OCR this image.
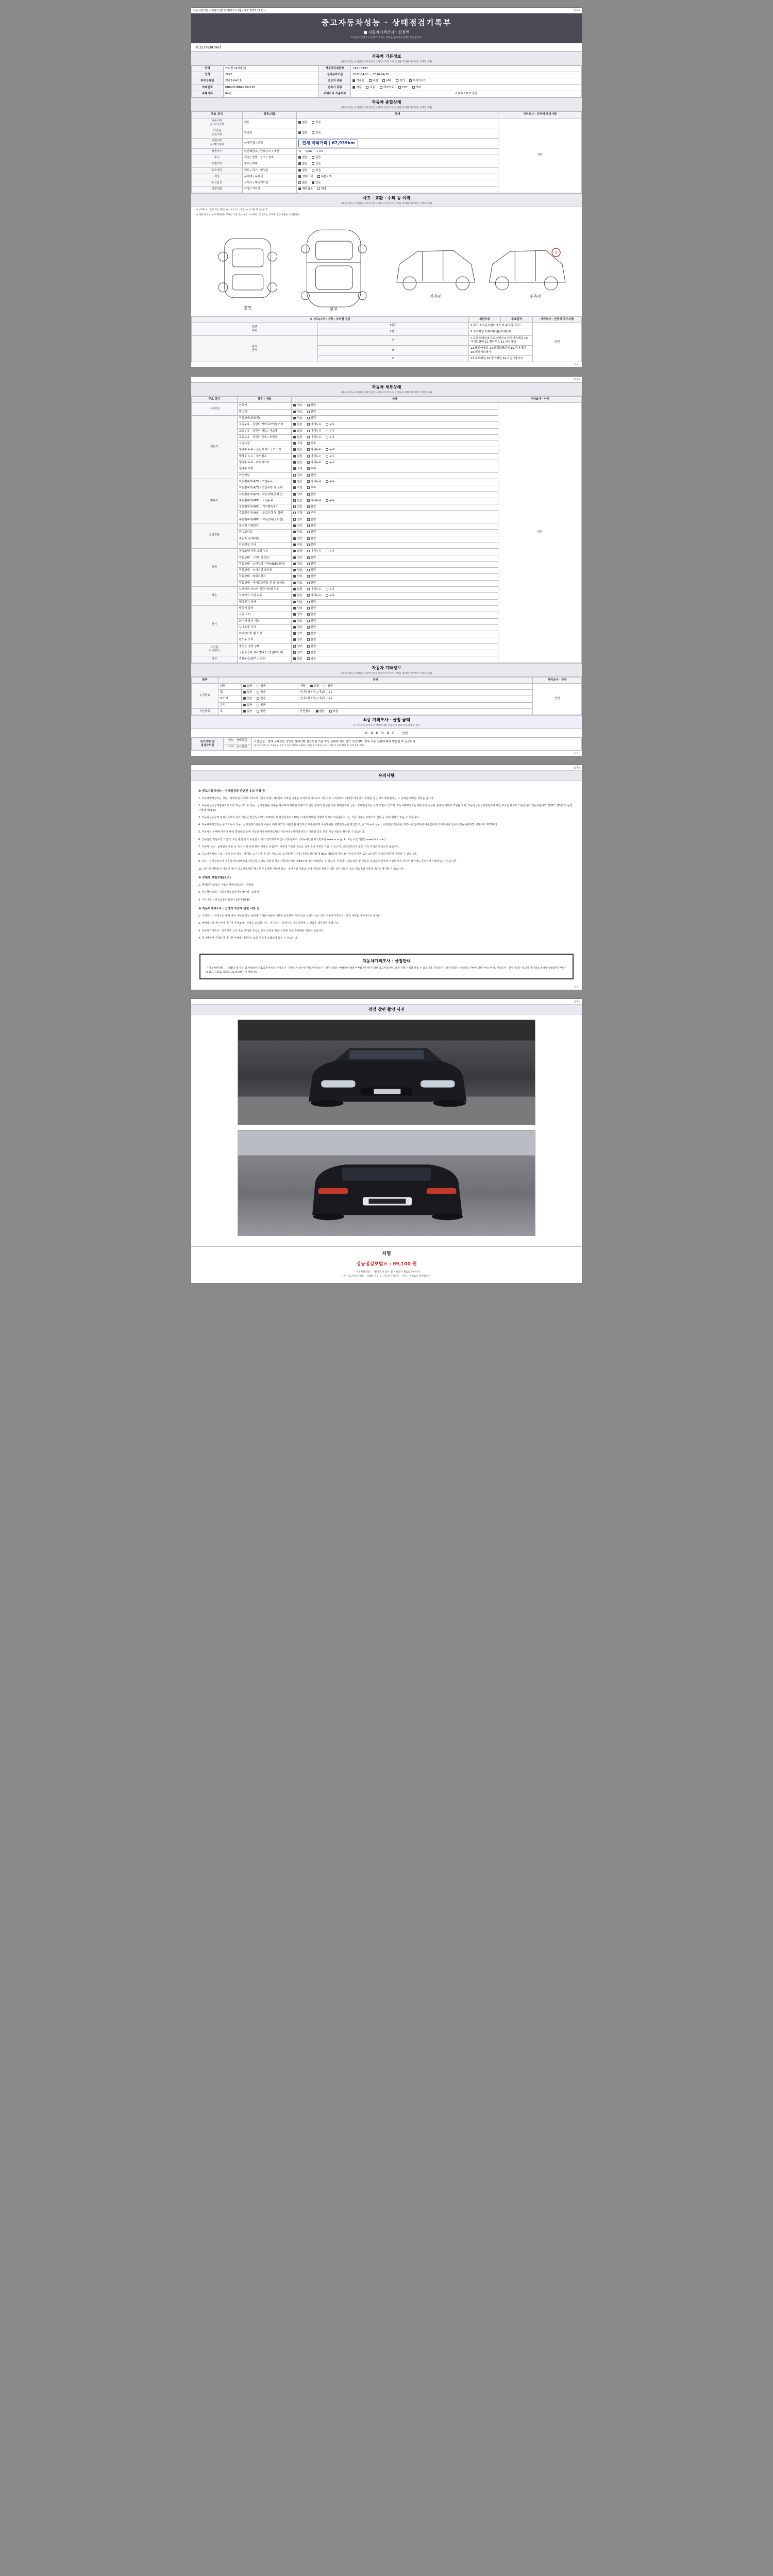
자동차관리법 시행규칙 [별지 제82호서식] <개정 2021.11.9.>	(3쪽)
중고자동차성능 · 상태점검기록부
■ 자동차가격조사 · 산정액
이 자동차가격조사·산정액 부분은 매매용 중고자동차에만 해당합니다.
제 2527538799호
자동차 기본정보
(자동차성능·상태점검자 확인사항 / 자동차가격조사·산정을 의뢰한 경우에만 기재합니다)
차명	카니발 (4세대급)	자동차등록번호	315서3290
연식	2022	검사유효기간	2022-04-11 ~ 2026-04-10
최초등록일	2022-04-11	연료의 종류	가솔린 디젤 LPG 전기 하이브리드
차대번호	KNMC01BBA5192238	변속기 종류	자동 수동 세미오토 CVT 기타
주행거리	04천	주행거리 기준여부	0 0 0 0 0 0 안내
자동차 종합상태
(자동차성능·상태점검자 확인사항 / 자동차가격조사·산정을 의뢰한 경우에만 기재합니다)
주요 장치	항목/내용	상태	가격조사 · 산정액 특기사항
사용이력
및 특기사항	렌트	없음 있음	안전
저당권
등록여부	영업용	없음 있음	
주행거리
및 계기상태	실제주행 / 변경	현재 미래거리 | 67,939km	
배출가스	일산화탄소 / 탄화수소 / 매연	% ppm 1.0%	
튜닝	적법 / 불법 · 구조 / 장치	없음 있음	
특별이력	침수 / 화재	없음 있음	
용도변경	렌트 / 리스 / 영업용	없음 있음	
색상	무채색 / 유채색	전체도색 부분도색	
주요옵션	선루프 / 내비게이션	없음 있음	
리콜대상	이행 / 미이행	해당없음 해당	
사고 · 교환 · 수리 등 이력
(자동차성능·상태점검자 확인사항 / 자동차가격조사·산정을 의뢰한 경우에만 기재합니다)
※ (교체) X, (판금 또는 용접) W, (부식) C, (흠집) A, (요철) U, (손상) T
※ 하단 달지부 등에 해당하는 부위는 교환 또는 판금 표기하며, 각 번호는 부위별 점검 내용을 표시합니다.
X
앞면	윗면
좌측면	우측면
※ 사고(수리) 이력 / 부위별 점검		외판부위	주요골격	가격조사 · 산정액 특기사항
외판
부위	1랭크	1.후드 2.프론트펜더 3.도어 4.트렁크리드		안전
	2랭크	5.로커패널 6.쿼터패널(리어펜더)		
주요
골격	A	7.프론트패널 8.크로스멤버 9.인사이드패널 10.사이드멤버 11.휠하우스 12.대쉬패널		
	B	13.플로어패널 14.트렁크플로어 15.리어패널 16.패키지트레이		
	C	17.루프패널 18.필러패널 19.트렁크플로어		
(3쪽)
(3쪽)
자동차 세부상태
(자동차성능·상태점검자 확인사항 / 자동차가격조사·산정을 의뢰한 경우에만 기재합니다)
주요 장치	항목 / 내용	상태	가격조사 · 산정
자기진단	원동기	양호 불량	안전
	변속기	양호 불량	
원동기	작동상태(공회전)	양호 불량	
	오일누유 - 실린더 커버(로커암) 커버	없음 미세누유 누유	
	오일누유 - 실린더 헤드 / 가스켓	없음 미세누유 누유	
	오일누유 - 실린더 블록 / 오일팬	없음 미세누유 누유	
	오일유량	적정 부족	
	냉각수 누수 - 실린더 헤드 / 가스켓	없음 미세누수 누수	
	냉각수 누수 - 워터펌프	없음 미세누수 누수	
	냉각수 누수 - 라디에이터	없음 미세누수 누수	
	냉각수 수량	적정 부족	
	커먼레일	양호 불량	
변속기	자동변속기(A/T) - 오일누유	없음 미세누유 누유	
	자동변속기(A/T) - 오일유량 및 상태	적정 부족	
	자동변속기(A/T) - 작동상태(공회전)	양호 불량	
	수동변속기(M/T) - 오일누유	없음 미세누유 누유	
	수동변속기(M/T) - 기어변속장치	양호 불량	
	수동변속기(M/T) - 오일유량 및 상태	적정 부족	
	수동변속기(M/T) - 작동상태(공회전)	양호 불량	
동력전달	클러치 어셈블리	양호 불량	
	등속조인트	양호 불량	
	추진축 및 베어링	양호 불량	
	디퍼렌셜 기어	양호 불량	
조향	동력조향 작동 오일 누유	없음 미세누유 누유	
	작동상태 - 스티어링 펌프	양호 불량	
	작동상태 - 스티어링 기어(MDPS포함)	양호 불량	
	작동상태 - 스티어링 조인트	양호 불량	
	작동상태 - 파워크랭크	양호 불량	
	작동상태 - 타이로드엔드 및 볼 조인트	양호 불량	
제동	브레이크 마스터 실린더오일 누유	없음 미세누유 누유	
	브레이크 오일 누유	없음 미세누유 누유	
	배력장치 상태	양호 불량	
전기	발전기 출력	양호 불량	
	시동 모터	양호 불량	
	와이퍼 모터 기능	양호 불량	
	실내송풍 모터	양호 불량	
	라디에이터 팬 모터	양호 불량	
	윈도우 모터	양호 불량	
고전원
전기장치	충전구 절연 상태	양호 불량	
	구동축전지 격리상태 (고전압배터리)	양호 불량	
연료	연료누설(LP가스포함)	없음 있음	
자동차 기타정보
(자동차성능·상태점검자 확인사항 / 자동차가격조사·산정을 의뢰한 경우에만 기재합니다)
항목	상태			가격조사 · 산정
수리필요	외장	없음 있음	내장 없음 있음	안전
	휠	없음 있음	전,후(좌 / 우) / 후(좌 / 우)	
	타이어	없음 있음	전,후(좌 / 우) / 후(좌 / 우)	
	유리	없음 있음		
기본품목	후	없음 있음	안전벨트 없음 있음	
최종 가격조사 · 산정 금액
※ 가격조사·산정자가 상세명세를 작성하여 차량 소유자에게 제공
000000 만원
특기사항 및
점검자의견	성능 · 상태점검	의견 없음 : 현재 상태로는 양호한 상태이며 점검시점 기준 차량 상태에 대한 평가 의견이며, 향후 사용 상황에 따라 변동될 수 있습니다.
(실제 사진에서는 차량하부 점검 등 일부 항목이 포함되지 않을 수 있으며 구매 시 반드시 실차 확인 후 구매 결정 요망)
가격 · 조사산정
(3쪽)
(3쪽)
유의사항
※ 중고자동차성능 · 상태점검과 관련된 유의 사항 등

1. 자동차매매업자는 성능 · 상태점검기록부(가격조사 · 산정 포함) 제2면에 기재된 내용을 고지하지 아니하고 거짓으로 고지했으나 매매한 매수인이 손해를 입은 경우 매매업자는 그 손해를 배상할 책임을 집니다.

2. 자동차성능상태점검자가 거짓 또는 고의로 성능 · 상태점검을 내용을 제공하여 매매된 차량으로 인한 손해가 발생한 경우 매매업자와 성능 · 상태점검자는 보상 책임이 있으며, 자동차매매업자는 매수인의 차상담 손해에 대하여 책임을 지며, 자동차성능상태점검자에 대한 구상권 행사가 가능합니다(자동차관리법 제58조 제5항 및 동법 시행령 제21조).

3. 자동차성능상태 점검기록부의 유효 기간은 발급일로부터 120일이며 점검일부터 120일 이내에 매매된 차량에 한하여 적용됩니다. 단, 기간 내라도 주행거리 변동 등 상태 변화가 있을 수 있습니다.

4. 자동차매매업자는 중고자동차 성능 · 상태점검기록부의 내용이 매매 계약의 내용임을 확인하고 매수인에게 보증범위를 설명하였음을 확인받고, 중고자동차 성능 · 상태점검기록부를 계약서에 첨부하여 매수인에게 교부하여야 합니다(자동차관리법 시행규칙 제120조).

5. 자동차의 손해에 대하여 배상 책임보험 등에 가입한 자동차매매업자와 자동차성능상태점검자는 아래와 같은 보험 가입 내용을 확인할 수 있습니다.

6. 성능점검 책임보험 가입 및 보상 관련 문의 사항은 아래의 연락처로 확인이 가능합니다. (자동차민원 대국민포털 www.ecar.go.kr 또는 보험개발원 www.kidi.or.kr)

7. 자동차 성능 · 상태점검 내용 중 사고 이력 등에 관한 사항은 보험처리 이력에 기반한 정보로 실제 수리 여부와 다를 수 있으며, 보험처리되지 않은 수리 이력은 확인되지 않습니다.

8. 중고자동차의 구조 · 장치 등의 성능 · 상태를 고지하지 아니한 거짓으로 고지했거나 기재 (자동차관리법 제 80조 제6호에 따라 2년 이하의 징역 또는 2천만원 이하의 벌금에 처해질 수 있습니다.

9. 성능 · 상태점검자가 자동차성능상태점검기록부를 허위로 작성한 경우 자동차관리법 제80조에 따라 처벌받을 수 있으며, 점검자가 성능점검 및 기록부 작성을 타인에게 위임하거나 대여한 경우에도 동일하게 처벌받을 수 있습니다.

10. 매수인(매매업자 이외의 자)이 중고자동차를 매수한 후 1개월 이내에 성능 · 상태점검 내용과 실제 차량의 상태가 다른 경우 매도인 또는 성능점검자에게 이의를 제기할 수 있습니다.

※ 보험별 책임보험(보조)

1. 매매보증(보험) : 자동차매매사업조합 · 연합회

2. 성능책임보험 : 자동차성능점검사업자단체 · 보험사

3. 기타 문의 : 한국교통안전공단 1577-0990

※ 자동차가격조사 · 산정의 보증에 관한 사항 등

1. 가격조사 · 산정자는 매매 대상 자동차 성능 상태에 기재된 내용에 대하여 보증하며, 매수인의 요청이 있는 경우 자동차가격조사 · 산정 내역을 제공하여야 합니다.

2. 매매업자가 매수인에 대하여 가격조사 · 산정을 의뢰한 경우, 가격조사 · 산정자는 매수인에게 그 결과를 제공하여야 합니다.

3. 자동차가격조사 · 산정자가 고의 또는 중대한 과실로 산정 금액을 잘못 산정한 경우 손해배상 책임이 있습니다.

4. 특기사항에 기재되지 아니한 사항에 대하여는 보증 범위에 포함되지 않을 수 있습니다.

자동차가격조사 · 산정안내
「 자동차관리법 」 제58조 및 같은 법 시행규칙 제120조에 따라 가격조사 · 산정자가 실시한 자동차가격조사 · 산정 결과는 매매계약 체결 여부를 판단하기 위한 참고자료이며, 실제 거래 가격과 다를 수 있습니다. 가격조사 · 산정 결과는 자동차의 구매에 대한 서비스이며, 가격조사 · 산정 결과는 중고차 가격정보 관리에 활용되며 구매자의 참고 자료로 제공되므로 참고하시기 바랍니다.
(3쪽)
(3쪽)
점검 장면 촬영 사진
서명
성능점검보험료 : 69,100 원
「 자동차관리법 」 제58조 및 같은 법 시행규칙 제120조에 따라
[ ㅜ ] 중고자동차성능 · 상태를 점검, [ ] 자동차가격조사 · 산정 } 하였음을 확인합니다.
